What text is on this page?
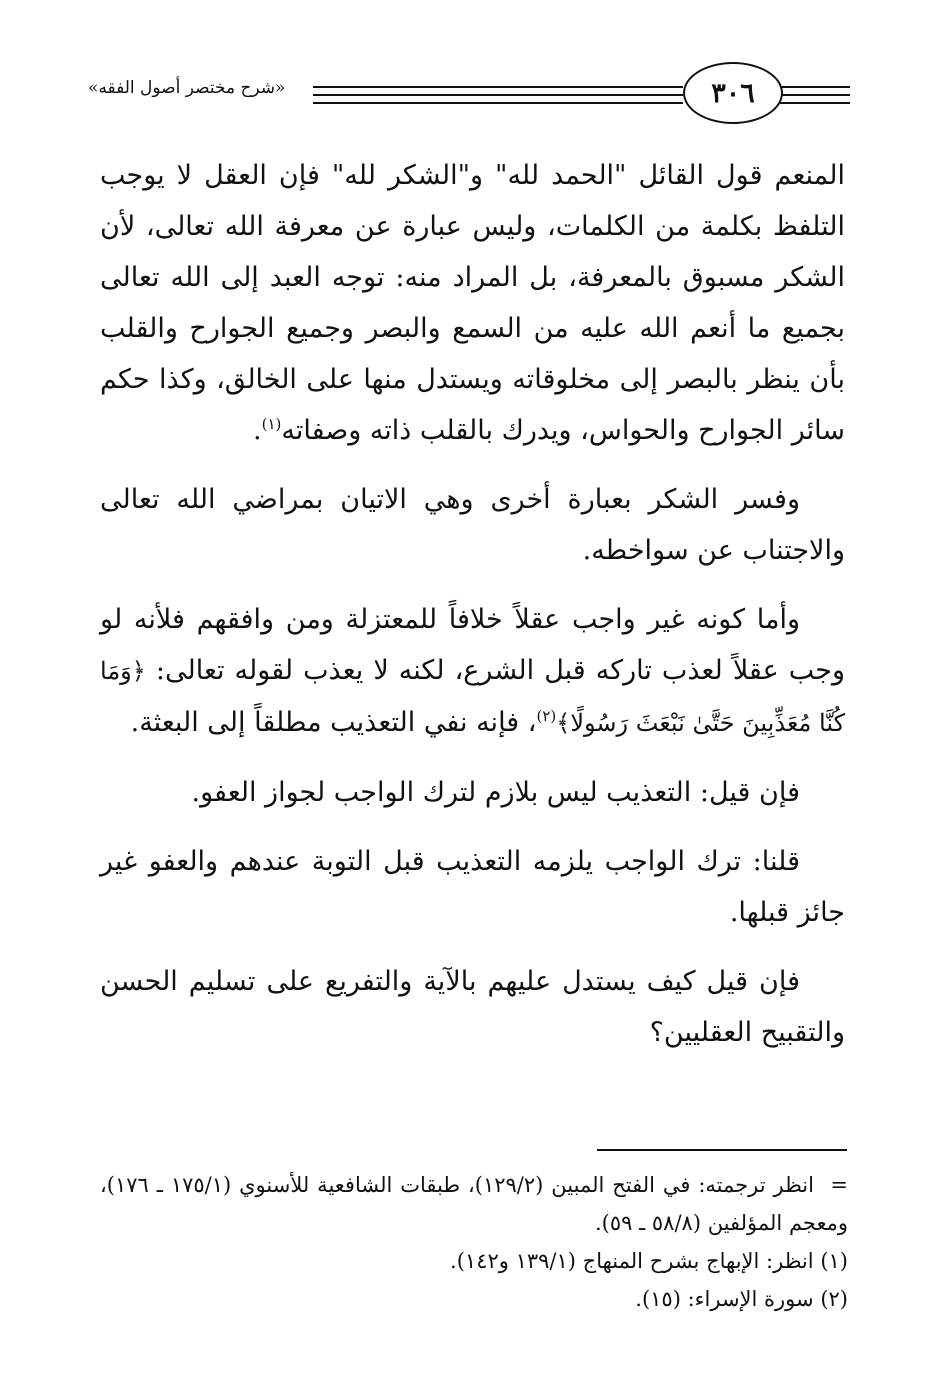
«شرح مختصر أصول الفقه»	٣٠٦

المنعم قول القائل "الحمد لله" و"الشكر لله" فإن العقل لا يوجب التلفظ بكلمة من الكلمات، وليس عبارة عن معرفة الله تعالى، لأن الشكر مسبوق بالمعرفة، بل المراد منه: توجه العبد إلى الله تعالى بجميع ما أنعم الله عليه من السمع والبصر وجميع الجوارح والقلب بأن ينظر بالبصر إلى مخلوقاته ويستدل منها على الخالق، وكذا حكم سائر الجوارح والحواس، ويدرك بالقلب ذاته وصفاته$^{(١)}$.

وفسر الشكر بعبارة أخرى وهي الاتيان بمراضي الله تعالى والاجتناب عن سواخطه.

وأما كونه غير واجب عقلاً خلافاً للمعتزلة ومن وافقهم فلأنه لو وجب عقلاً لعذب تاركه قبل الشرع، لكنه لا يعذب لقوله تعالى: ﴿وَمَا كُنَّا مُعَذِّبِينَ حَتَّىٰ نَبْعَثَ رَسُولًا﴾$^{(٢)}$، فإنه نفي التعذيب مطلقاً إلى البعثة.

فإن قيل: التعذيب ليس بلازم لترك الواجب لجواز العفو.

قلنا: ترك الواجب يلزمه التعذيب قبل التوبة عندهم والعفو غير جائز قبلها.

فإن قيل كيف يستدل عليهم بالآية والتفريع على تسليم الحسن والتقبيح العقليين؟

=انظر ترجمته: في الفتح المبين (١٢٩/٢)، طبقات الشافعية للأسنوي (١٧٥/١ ـ ١٧٦)، ومعجم المؤلفين (٥٨/٨ ـ ٥٩).

(١) انظر: الإبهاج بشرح المنهاج (١٣٩/١ و١٤٢).

(٢) سورة الإسراء: (١٥).
